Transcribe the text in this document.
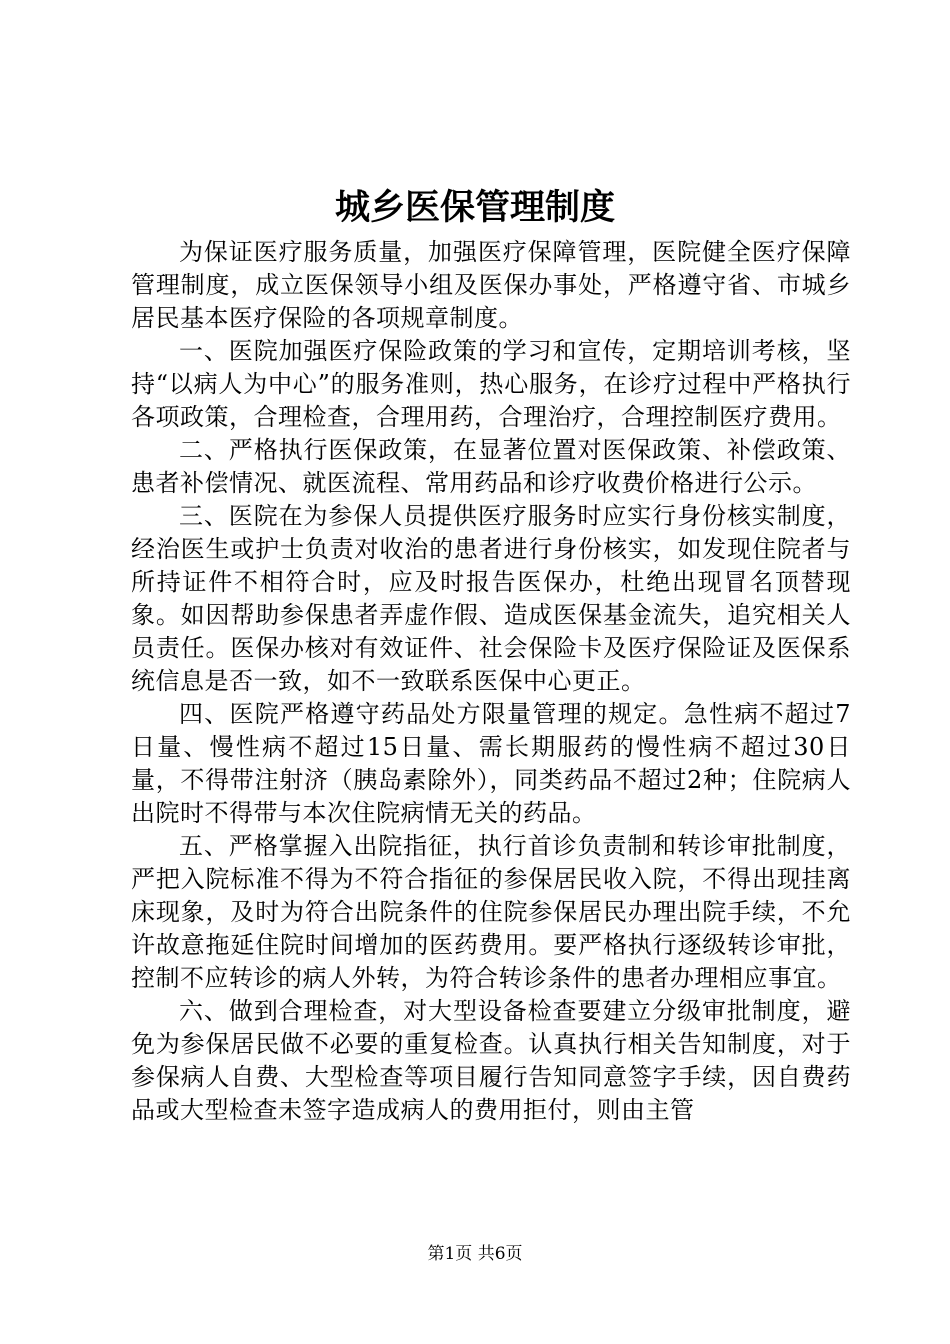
城乡医保管理制度

为保证医疗服务质量，加强医疗保障管理，医院健全医疗保障管理制度，成立医保领导小组及医保办事处，严格遵守省、市城乡居民基本医疗保险的各项规章制度。

一、医院加强医疗保险政策的学习和宣传，定期培训考核，坚持“以病人为中心”的服务准则，热心服务，在诊疗过程中严格执行各项政策，合理检查，合理用药，合理治疗，合理控制医疗费用。

二、严格执行医保政策，在显著位置对医保政策、补偿政策、患者补偿情况、就医流程、常用药品和诊疗收费价格进行公示。

三、医院在为参保人员提供医疗服务时应实行身份核实制度，经治医生或护士负责对收治的患者进行身份核实，如发现住院者与所持证件不相符合时，应及时报告医保办，杜绝出现冒名顶替现象。如因帮助参保患者弄虚作假、造成医保基金流失，追究相关人员责任。医保办核对有效证件、社会保险卡及医疗保险证及医保系统信息是否一致，如不一致联系医保中心更正。

四、医院严格遵守药品处方限量管理的规定。急性病不超过7日量、慢性病不超过15日量、需长期服药的慢性病不超过30日量，不得带注射济（胰岛素除外），同类药品不超过2种；住院病人出院时不得带与本次住院病情无关的药品。

五、严格掌握入出院指征，执行首诊负责制和转诊审批制度，严把入院标准不得为不符合指征的参保居民收入院，不得出现挂离床现象，及时为符合出院条件的住院参保居民办理出院手续，不允许故意拖延住院时间增加的医药费用。要严格执行逐级转诊审批，控制不应转诊的病人外转，为符合转诊条件的患者办理相应事宜。

六、做到合理检查，对大型设备检查要建立分级审批制度，避免为参保居民做不必要的重复检查。认真执行相关告知制度，对于参保病人自费、大型检查等项目履行告知同意签字手续，因自费药品或大型检查未签字造成病人的费用拒付，则由主管

第1页 共6页
